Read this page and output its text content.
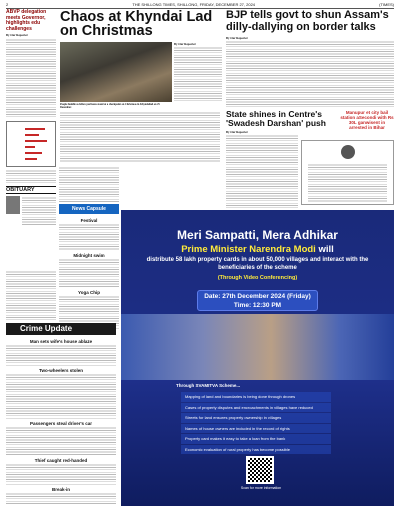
2	THE SHILLONG TIMES, SHILLONG, FRIDAY, DECEMBER 27, 2024	(TIMES)
ABVP delegation meets Governor, highlights edu challenges
By Our Reporter
OBITUARY
Chaos at Khyndai Lad on Christmas
By Our Reporter
People huddle as fellow partisans stand at a checkpoint on Christmas in Khyndailad on 25 December.
News Capsule
Festival
Midnight swim
Yoga Chip
Crime Update
Man sets wife's house ablaze
Two-wheelers stolen
Passengers steal driver's car
Thief caught red-handed
Break-in
BJP tells govt to shun Assam's dilly-dallying on border talks
By Our Reporter
State shines in Centre's 'Swadesh Darshan' push
By Our Reporter
Manupur et city bail station aSecondi with Rs 30L ganwisent in arrested in Bihar
Meri Sampatti, Mera Adhikar
Prime Minister Narendra Modi will
distribute 58 lakh property cards in about 50,000 villages and interact with the beneficiaries of the scheme
(Through Video Conferencing)
Date: 27th December 2024 (Friday)
Time: 12:30 PM
Through SVAMITVA Scheme...
Mapping of land and boundaries is being done through drones
Cases of property disputes and encroachments in villages have reduced
Streets for land ensures property ownership in villages
Names of house owners are included in the record of rights
Property card makes it easy to take a loan from the bank
Economic evaluation of rural property has become possible
Scan for more information
